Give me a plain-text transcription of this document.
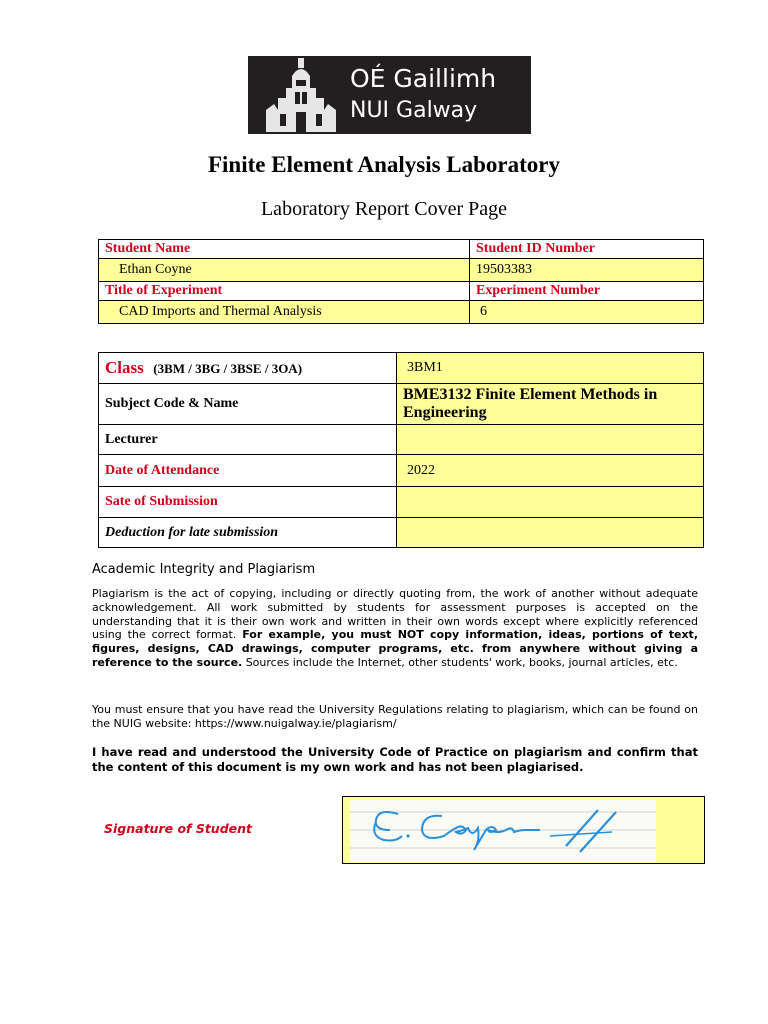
OÉ Gaillimh
NUI Galway
Finite Element Analysis Laboratory
Laboratory Report Cover Page
Student Name	Student ID Number
Ethan Coyne	19503383
Title of Experiment	Experiment Number
CAD Imports and Thermal Analysis	6
Class (3BM / 3BG / 3BSE / 3OA)	3BM1
Subject Code & Name	BME3132 Finite Element Methods in Engineering
Lecturer	
Date of Attendance	2022
Sate of Submission	
Deduction for late submission	
Academic Integrity and Plagiarism
Plagiarism is the act of copying, including or directly quoting from, the work of another without adequate acknowledgement. All work submitted by students for assessment purposes is accepted on the understanding that it is their own work and written in their own words except where explicitly referenced using the correct format. For example, you must NOT copy information, ideas, portions of text, figures, designs, CAD drawings, computer programs, etc. from anywhere without giving a reference to the source. Sources include the Internet, other students' work, books, journal articles, etc.
You must ensure that you have read the University Regulations relating to plagiarism, which can be found on the NUIG website: https://www.nuigalway.ie/plagiarism/
I have read and understood the University Code of Practice on plagiarism and confirm that the content of this document is my own work and has not been plagiarised.
Signature of Student
